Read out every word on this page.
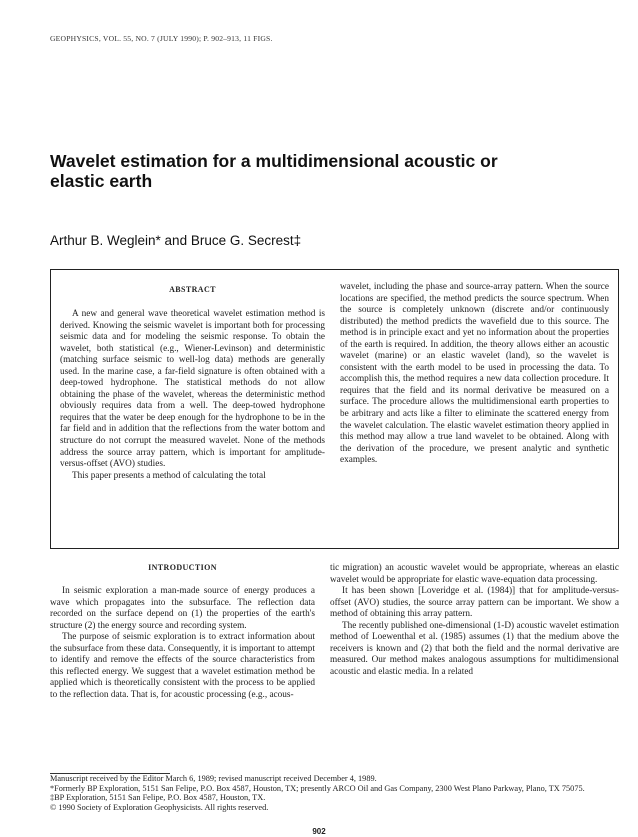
GEOPHYSICS, VOL. 55, NO. 7 (JULY 1990); P. 902–913, 11 FIGS.
Wavelet estimation for a multidimensional acoustic or elastic earth
Arthur B. Weglein* and Bruce G. Secrest‡
ABSTRACT

A new and general wave theoretical wavelet estimation method is derived. Knowing the seismic wavelet is important both for processing seismic data and for modeling the seismic response. To obtain the wavelet, both statistical (e.g., Wiener-Levinson) and deterministic (matching surface seismic to well-log data) methods are generally used. In the marine case, a far-field signature is often obtained with a deep-towed hydrophone. The statistical methods do not allow obtaining the phase of the wavelet, whereas the deterministic method obviously requires data from a well. The deep-towed hydrophone requires that the water be deep enough for the hydrophone to be in the far field and in addition that the reflections from the water bottom and structure do not corrupt the measured wavelet. None of the methods address the source array pattern, which is important for amplitude-versus-offset (AVO) studies.

This paper presents a method of calculating the total

wavelet, including the phase and source-array pattern. When the source locations are specified, the method predicts the source spectrum. When the source is completely unknown (discrete and/or continuously distributed) the method predicts the wavefield due to this source. The method is in principle exact and yet no information about the properties of the earth is required. In addition, the theory allows either an acoustic wavelet (marine) or an elastic wavelet (land), so the wavelet is consistent with the earth model to be used in processing the data. To accomplish this, the method requires a new data collection procedure. It requires that the field and its normal derivative be measured on a surface. The procedure allows the multidimensional earth properties to be arbitrary and acts like a filter to eliminate the scattered energy from the wavelet calculation. The elastic wavelet estimation theory applied in this method may allow a true land wavelet to be obtained. Along with the derivation of the procedure, we present analytic and synthetic examples.

INTRODUCTION

In seismic exploration a man-made source of energy produces a wave which propagates into the subsurface. The reflection data recorded on the surface depend on (1) the properties of the earth's structure (2) the energy source and recording system.

The purpose of seismic exploration is to extract information about the subsurface from these data. Consequently, it is important to attempt to identify and remove the effects of the source characteristics from this reflected energy. We suggest that a wavelet estimation method be applied which is theoretically consistent with the process to be applied to the reflection data. That is, for acoustic processing (e.g., acous-

tic migration) an acoustic wavelet would be appropriate, whereas an elastic wavelet would be appropriate for elastic wave-equation data processing.

It has been shown [Loveridge et al. (1984)] that for amplitude-versus-offset (AVO) studies, the source array pattern can be important. We show a method of obtaining this array pattern.

The recently published one-dimensional (1-D) acoustic wavelet estimation method of Loewenthal et al. (1985) assumes (1) that the medium above the receivers is known and (2) that both the field and the normal derivative are measured. Our method makes analogous assumptions for multidimensional acoustic and elastic media. In a related

Manuscript received by the Editor March 6, 1989; revised manuscript received December 4, 1989.
*Formerly BP Exploration, 5151 San Felipe, P.O. Box 4587, Houston, TX; presently ARCO Oil and Gas Company, 2300 West Plano Parkway, Plano, TX 75075.
‡BP Exploration, 5151 San Felipe, P.O. Box 4587, Houston, TX.
© 1990 Society of Exploration Geophysicists. All rights reserved.
902
